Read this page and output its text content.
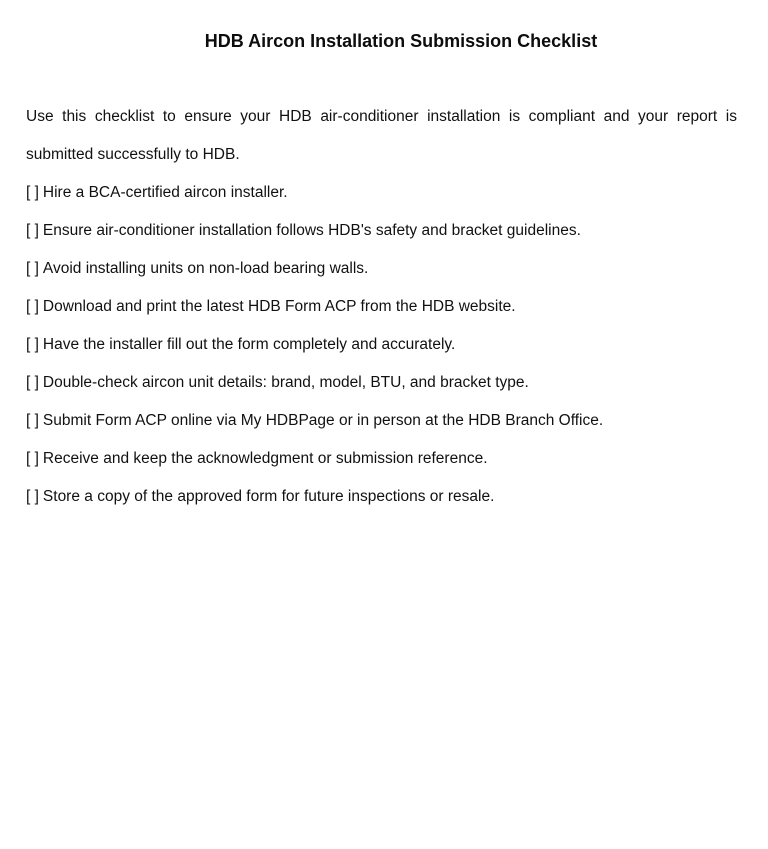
HDB Aircon Installation Submission Checklist

Use this checklist to ensure your HDB air-conditioner installation is compliant and your report is submitted successfully to HDB.

[ ] Hire a BCA-certified aircon installer.
[ ] Ensure air-conditioner installation follows HDB's safety and bracket guidelines.
[ ] Avoid installing units on non-load bearing walls.
[ ] Download and print the latest HDB Form ACP from the HDB website.
[ ] Have the installer fill out the form completely and accurately.
[ ] Double-check aircon unit details: brand, model, BTU, and bracket type.
[ ] Submit Form ACP online via My HDBPage or in person at the HDB Branch Office.
[ ] Receive and keep the acknowledgment or submission reference.
[ ] Store a copy of the approved form for future inspections or resale.
